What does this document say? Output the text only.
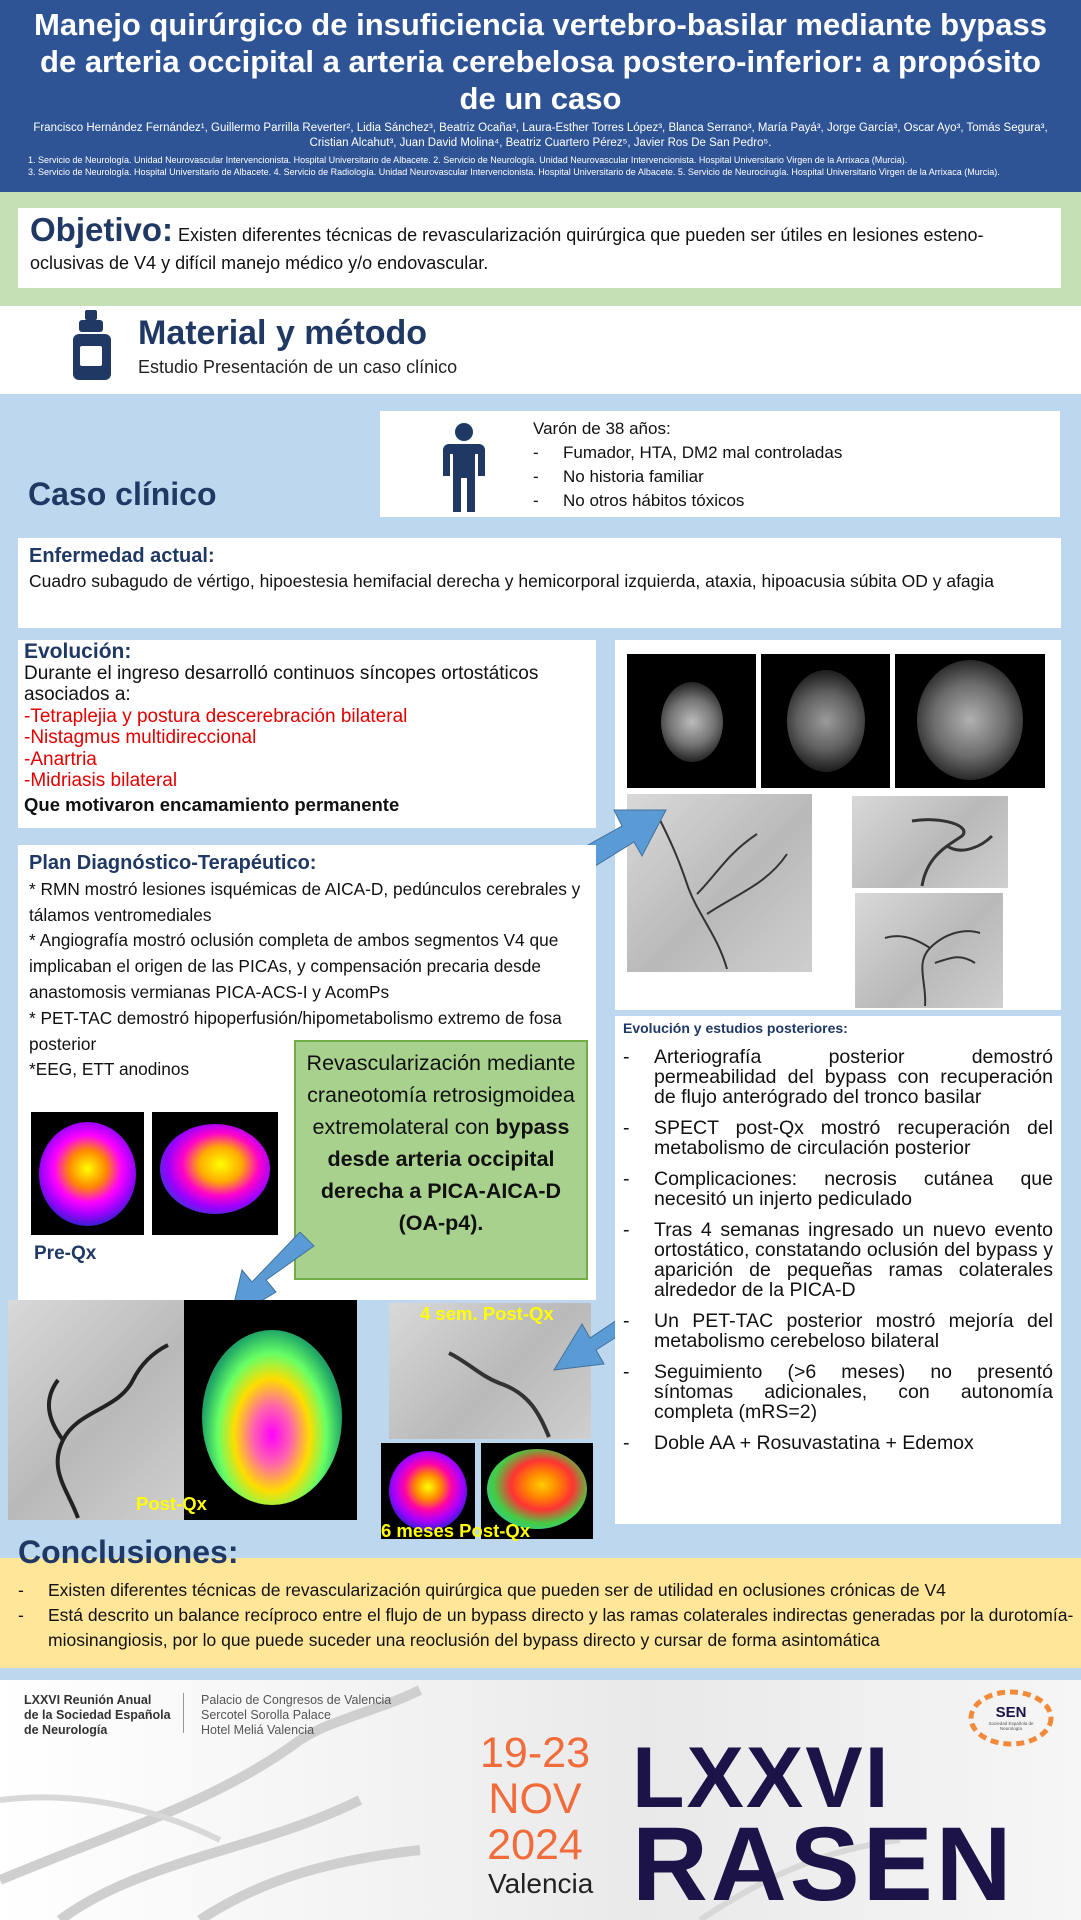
Manejo quirúrgico de insuficiencia vertebro-basilar mediante bypass de arteria occipital a arteria cerebelosa postero-inferior: a propósito de un caso
Francisco Hernández Fernández¹, Guillermo Parrilla Reverter², Lidia Sánchez³, Beatriz Ocaña³, Laura-Esther Torres López³, Blanca Serrano³, María Payá³, Jorge García³, Oscar Ayo³, Tomás Segura³, Cristian Alcahut³, Juan David Molina⁴, Beatriz Cuartero Pérez⁵, Javier Ros De San Pedro⁵.
1. Servicio de Neurología. Unidad Neurovascular Intervencionista. Hospital Universitario de Albacete. 2. Servicio de Neurología. Unidad Neurovascular Intervencionista. Hospital Universitario Virgen de la Arrixaca (Murcia).
3. Servicio de Neurología. Hospital Universitario de Albacete. 4. Servicio de Radiología. Unidad Neurovascular Intervencionista. Hospital Universitario de Albacete. 5. Servicio de Neurocirugía. Hospital Universitario Virgen de la Arrixaca (Murcia).
Objetivo: Existen diferentes técnicas de revascularización quirúrgica que pueden ser útiles en lesiones esteno-oclusivas de V4 y difícil manejo médico y/o endovascular.
Material y método
Estudio Presentación de un caso clínico
Caso clínico
Varón de 38 años:
- Fumador, HTA, DM2 mal controladas
- No historia familiar
- No otros hábitos tóxicos
Enfermedad actual:
Cuadro subagudo de vértigo, hipoestesia hemifacial derecha y hemicorporal izquierda, ataxia, hipoacusia súbita OD y afagia
Evolución:
Durante el ingreso desarrolló continuos síncopes ortostáticos asociados a:
-Tetraplejia y postura descerebración bilateral
-Nistagmus multidireccional
-Anartria
-Midriasis bilateral
Que motivaron encamamiento permanente
Plan Diagnóstico-Terapéutico:
* RMN mostró lesiones isquémicas de AICA-D, pedúnculos cerebrales y tálamos ventromediales
* Angiografía mostró oclusión completa de ambos segmentos V4 que implicaban el origen de las PICAs, y compensación precaria desde anastomosis vermianas PICA-ACS-I y AcomPs
* PET-TAC demostró hipoperfusión/hipometabolismo extremo de fosa posterior
*EEG, ETT anodinos
Pre-Qx
Revascularización mediante craneotomía retrosigmoidea extremolateral con bypass desde arteria occipital derecha a PICA-AICA-D (OA-p4).
Post-Qx
4 sem. Post-Qx
6 meses Post-Qx
Evolución y estudios posteriores:
-	Arteriografía posterior demostró permeabilidad del bypass con recuperación de flujo anterógrado del tronco basilar
-	SPECT post-Qx mostró recuperación del metabolismo de circulación posterior
-	Complicaciones: necrosis cutánea que necesitó un injerto pediculado
-	Tras 4 semanas ingresado un nuevo evento ortostático, constatando oclusión del bypass y aparición de pequeñas ramas colaterales alrededor de la PICA-D
-	Un PET-TAC posterior mostró mejoría del metabolismo cerebeloso bilateral
-	Seguimiento (>6 meses) no presentó síntomas adicionales, con autonomía completa (mRS=2)
-	Doble AA + Rosuvastatina + Edemox
Conclusiones:
-	Existen diferentes técnicas de revascularización quirúrgica que pueden ser de utilidad en oclusiones crónicas de V4
-	Está descrito un balance recíproco entre el flujo de un bypass directo y las ramas colaterales indirectas generadas por la durotomía-miosinangiosis, por lo que puede suceder una reoclusión del bypass directo y cursar de forma asintomática
LXXVI Reunión Anual
de la Sociedad Española
de Neurología
Palacio de Congresos de Valencia
Sercotel Sorolla Palace
Hotel Meliá Valencia	19-23
NOV
2024
Valencia
LXXVI
RASEN
SEN
Sociedad Española de Neurología
